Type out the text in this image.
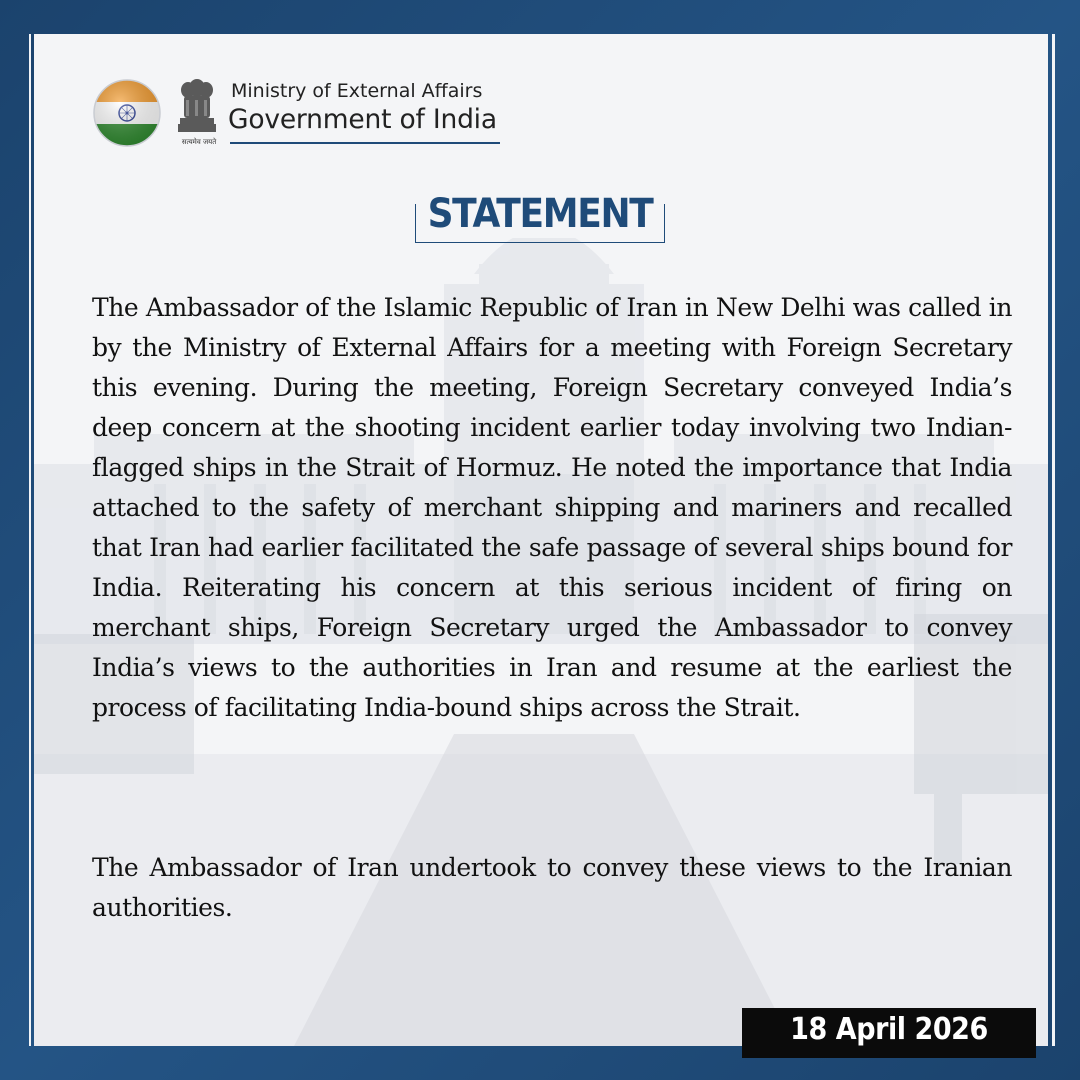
सत्यमेव जयते
Ministry of External Affairs
Government of India
STATEMENT

The Ambassador of the Islamic Republic of Iran in New Delhi was called in by the Ministry of External Affairs for a meeting with Foreign Secretary this evening. During the meeting, Foreign Secretary conveyed India’s deep concern at the shooting incident earlier today involving two Indian-flagged ships in the Strait of Hormuz. He noted the importance that India attached to the safety of merchant shipping and mariners and recalled that Iran had earlier facilitated the safe passage of several ships bound for India. Reiterating his concern at this serious incident of firing on merchant ships, Foreign Secretary urged the Ambassador to convey India’s views to the authorities in Iran and resume at the earliest the process of facilitating India-bound ships across the Strait.

The Ambassador of Iran undertook to convey these views to the Iranian authorities.

18 April 2026
